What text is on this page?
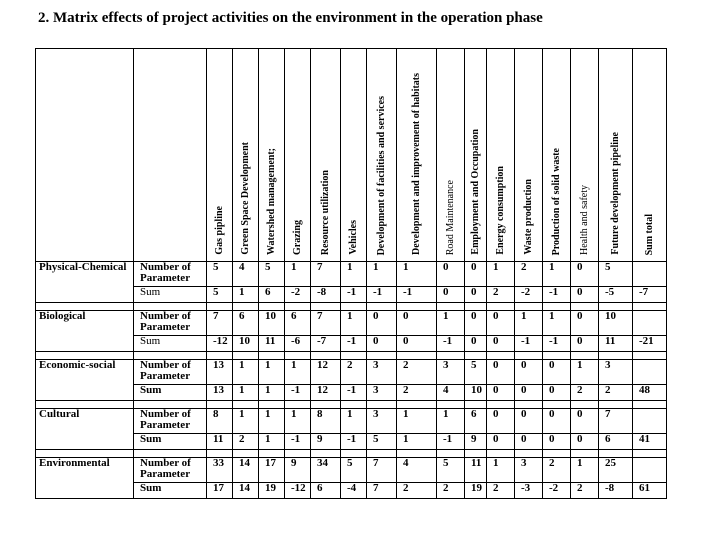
2. Matrix effects of project activities on the environment in the operation phase

		Gas pipline	Green Space Development	Watershed management;	Grazing	Resource utilization	Vehicles	Development of facilities and services	Development and improvement of habitats	Road Maintenance	Employment and Occupation	Energy consumption	Waste production	Production of solid waste	Health and safety	Future development pipeline	Sum total

Physical-Chemical	Number of Parameter	5	4	5	1	7	1	1	1	0	0	1	2	1	0	5	
	Sum	5	1	6	-2	-8	-1	-1	-1	0	0	2	-2	-1	0	-5	-7

Biological	Number of Parameter	7	6	10	6	7	1	0	0	1	0	0	1	1	0	10	
	Sum	-12	10	11	-6	-7	-1	0	0	-1	0	0	-1	-1	0	11	-21

Economic-social	Number of Parameter	13	1	1	1	12	2	3	2	3	5	0	0	0	1	3	
	Sum	13	1	1	-1	12	-1	3	2	4	10	0	0	0	2	2	48

Cultural	Number of Parameter	8	1	1	1	8	1	3	1	1	6	0	0	0	0	7	
	Sum	11	2	1	-1	9	-1	5	1	-1	9	0	0	0	0	6	41

Environmental	Number of Parameter	33	14	17	9	34	5	7	4	5	11	1	3	2	1	25	
	Sum	17	14	19	-12	6	-4	7	2	2	19	2	-3	-2	2	-8	61
